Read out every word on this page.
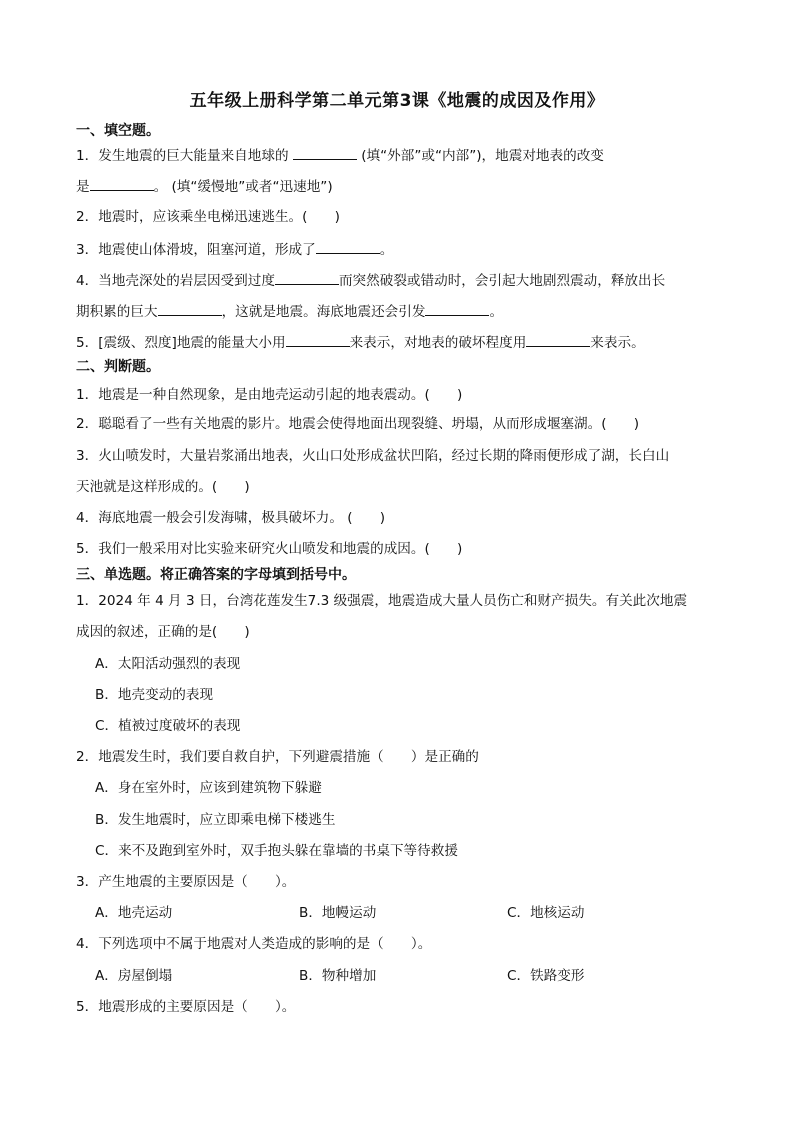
五年级上册科学第二单元第3课《地震的成因及作用》
一、填空题。
1．发生地震的巨大能量来自地球的	(填“外部”或“内部”)，地震对地表的改变
是	。 (填“缓慢地”或者“迅速地”)
2．地震时，应该乘坐电梯迅速逃生。(　　)
3．地震使山体滑坡，阻塞河道，形成了	。
4．当地壳深处的岩层因受到过度	而突然破裂或错动时，会引起大地剧烈震动，释放出长
期积累的巨大	，这就是地震。海底地震还会引发	。
5．[震级、烈度]地震的能量大小用	来表示，对地表的破坏程度用	来表示。
二、判断题。
1．地震是一种自然现象，是由地壳运动引起的地表震动。(　　)
2．聪聪看了一些有关地震的影片。地震会使得地面出现裂缝、坍塌，从而形成堰塞湖。(　　)
3．火山喷发时，大量岩浆涌出地表，火山口处形成盆状凹陷，经过长期的降雨便形成了湖，长白山
天池就是这样形成的。(　　)
4．海底地震一般会引发海啸，极具破坏力。 (　　)
5．我们一般采用对比实验来研究火山喷发和地震的成因。(　　)
三、单选题。将正确答案的字母填到括号中。
1．2024 年 4 月 3 日，台湾花莲发生7.3 级强震，地震造成大量人员伤亡和财产损失。有关此次地震
成因的叙述，正确的是(　　)
A．太阳活动强烈的表现
B．地壳变动的表现
C．植被过度破坏的表现
2．地震发生时，我们要自救自护，下列避震措施（　　）是正确的
A．身在室外时，应该到建筑物下躲避
B．发生地震时，应立即乘电梯下楼逃生
C．来不及跑到室外时，双手抱头躲在靠墙的书桌下等待救援
3．产生地震的主要原因是（　　）。
A．地壳运动	B．地幔运动	C．地核运动
4．下列选项中不属于地震对人类造成的影响的是（　　）。
A．房屋倒塌	B．物种增加	C．铁路变形
5．地震形成的主要原因是（　　）。
